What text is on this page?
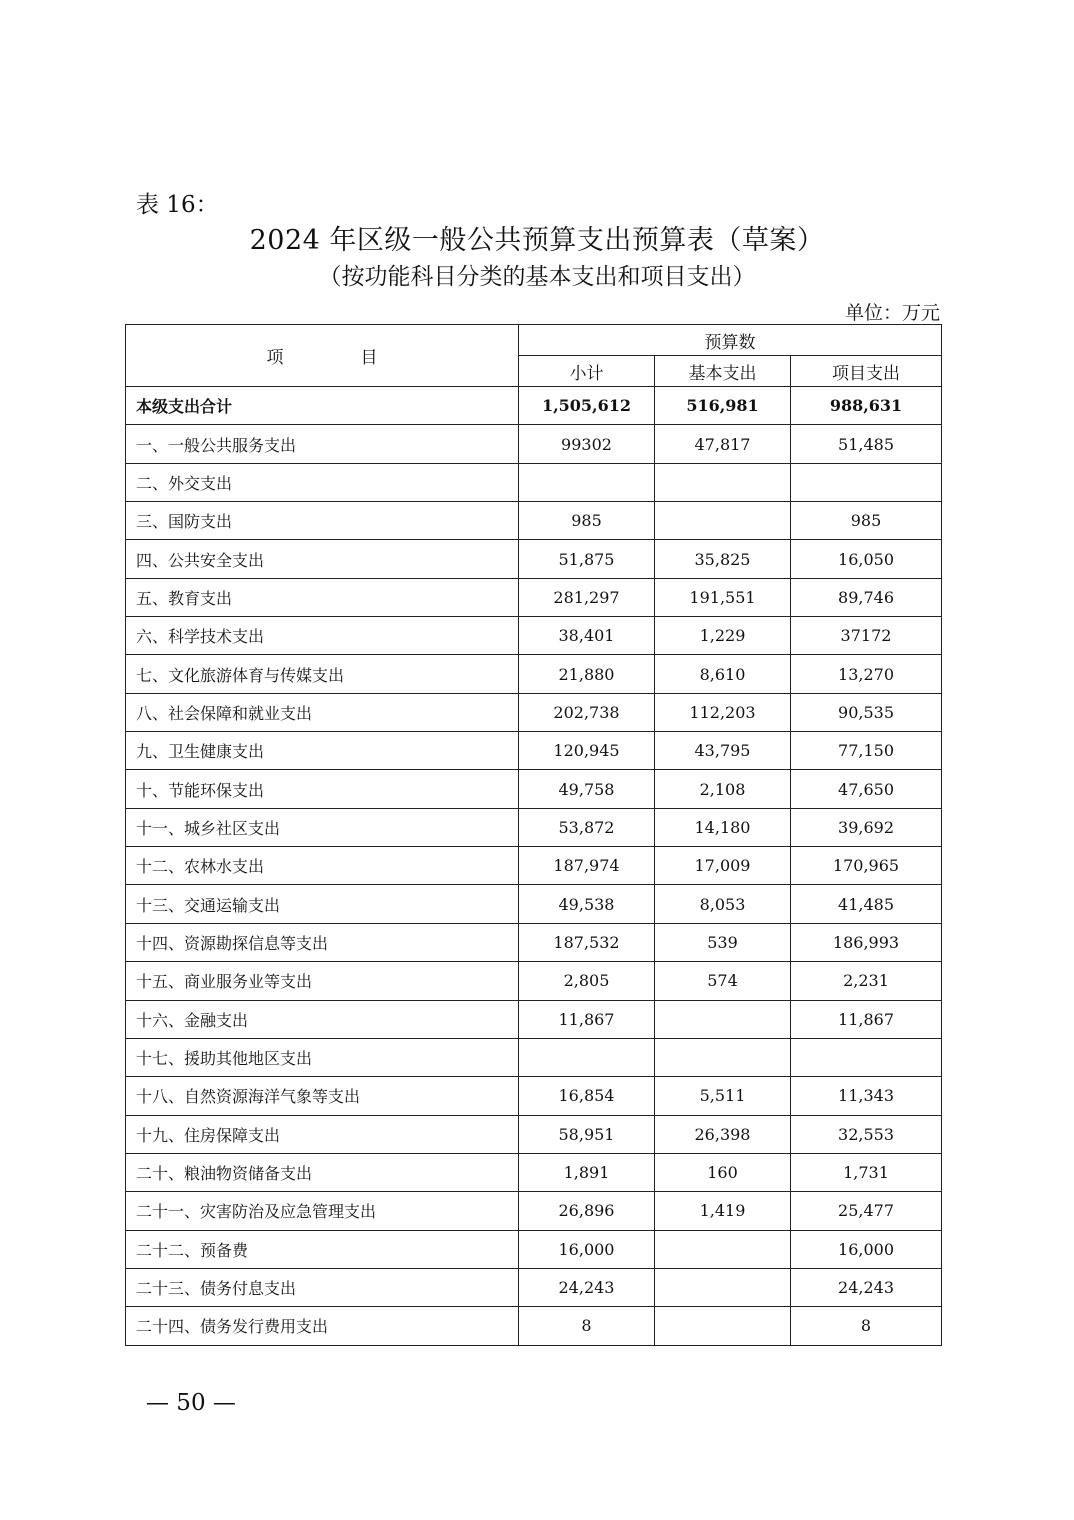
表 16：
2024 年区级一般公共预算支出预算表（草案）
（按功能科目分类的基本支出和项目支出）
单位：万元
项　目	预算数		
	小计	基本支出	项目支出
本级支出合计	1,505,612	516,981	988,631
一、一般公共服务支出	99302	47,817	51,485
二、外交支出			
三、国防支出	985		985
四、公共安全支出	51,875	35,825	16,050
五、教育支出	281,297	191,551	89,746
六、科学技术支出	38,401	1,229	37172
七、文化旅游体育与传媒支出	21,880	8,610	13,270
八、社会保障和就业支出	202,738	112,203	90,535
九、卫生健康支出	120,945	43,795	77,150
十、节能环保支出	49,758	2,108	47,650
十一、城乡社区支出	53,872	14,180	39,692
十二、农林水支出	187,974	17,009	170,965
十三、交通运输支出	49,538	8,053	41,485
十四、资源勘探信息等支出	187,532	539	186,993
十五、商业服务业等支出	2,805	574	2,231
十六、金融支出	11,867		11,867
十七、援助其他地区支出			
十八、自然资源海洋气象等支出	16,854	5,511	11,343
十九、住房保障支出	58,951	26,398	32,553
二十、粮油物资储备支出	1,891	160	1,731
二十一、灾害防治及应急管理支出	26,896	1,419	25,477
二十二、预备费	16,000		16,000
二十三、债务付息支出	24,243		24,243
二十四、债务发行费用支出	8		8
— 50 —
